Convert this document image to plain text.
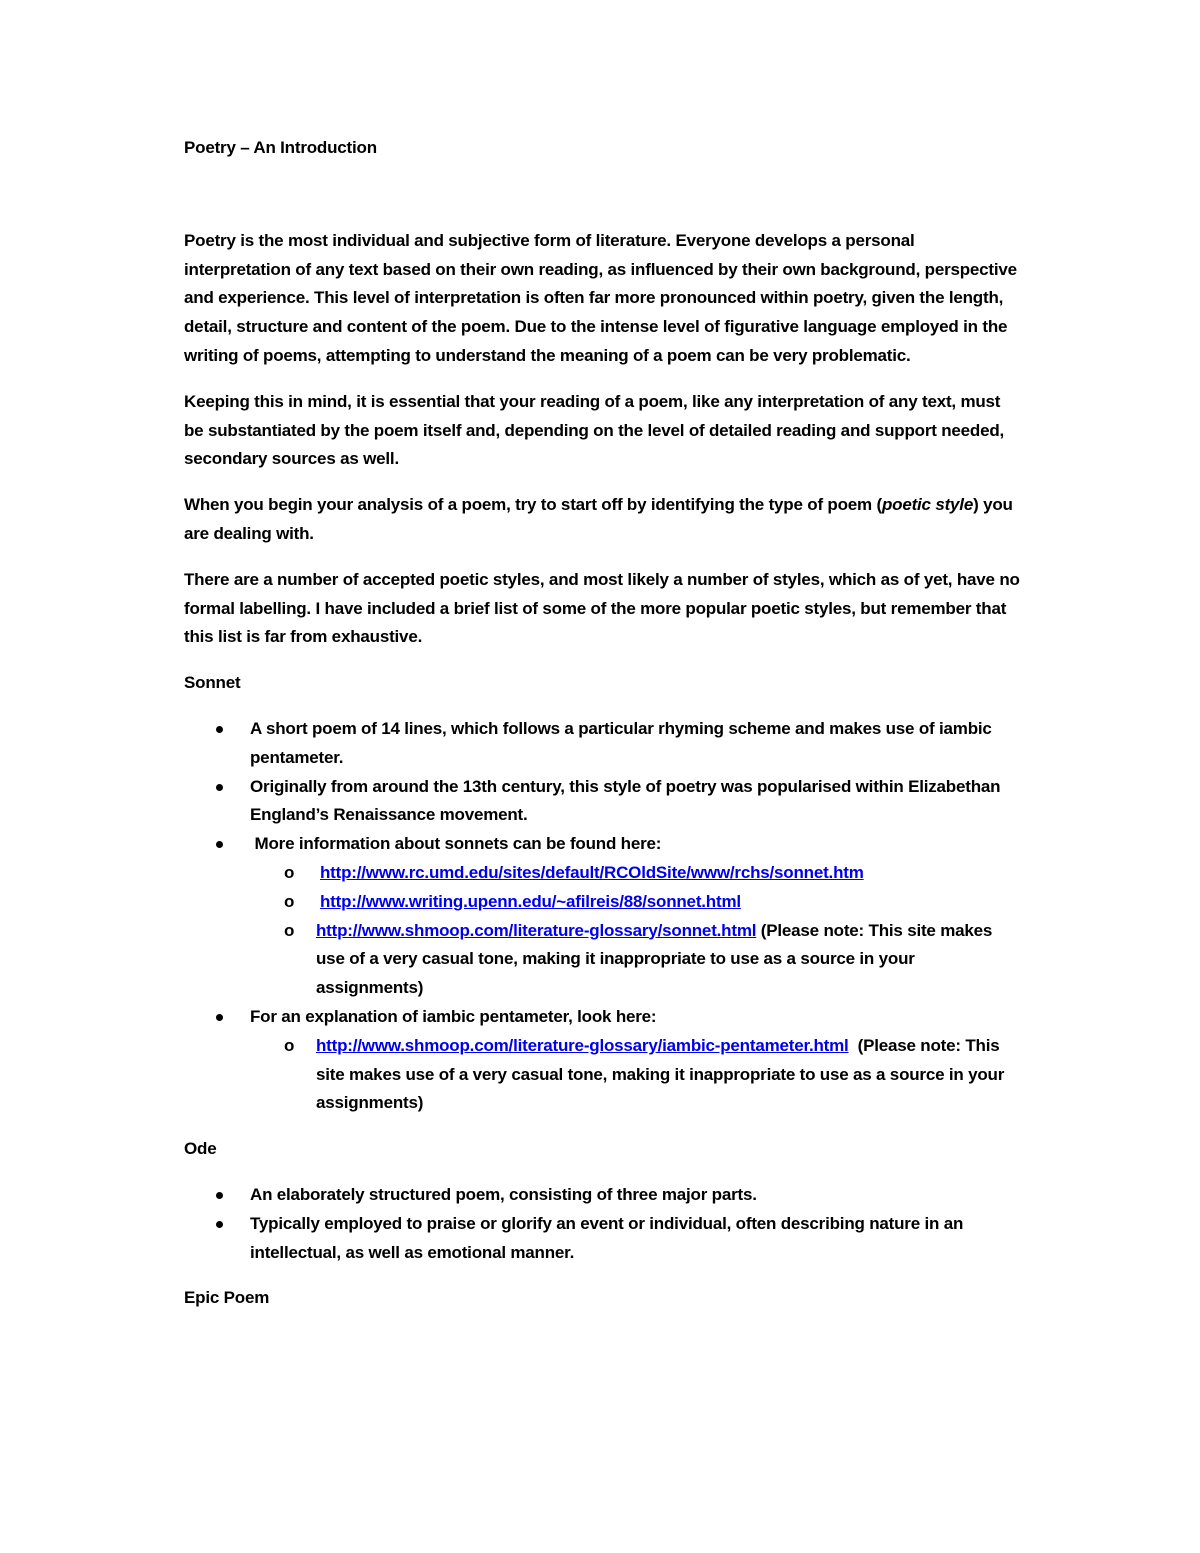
Poetry – An Introduction

Poetry is the most individual and subjective form of literature. Everyone develops a personal interpretation of any text based on their own reading, as influenced by their own background, perspective and experience. This level of interpretation is often far more pronounced within poetry, given the length, detail, structure and content of the poem. Due to the intense level of figurative language employed in the writing of poems, attempting to understand the meaning of a poem can be very problematic.

Keeping this in mind, it is essential that your reading of a poem, like any interpretation of any text, must be substantiated by the poem itself and, depending on the level of detailed reading and support needed, secondary sources as well.

When you begin your analysis of a poem, try to start off by identifying the type of poem (poetic style) you are dealing with.

There are a number of accepted poetic styles, and most likely a number of styles, which as of yet, have no formal labelling. I have included a brief list of some of the more popular poetic styles, but remember that this list is far from exhaustive.

Sonnet
A short poem of 14 lines, which follows a particular rhyming scheme and makes use of iambic pentameter.
Originally from around the 13th century, this style of poetry was popularised within Elizabethan England’s Renaissance movement.
More information about sonnets can be found here:
o http://www.rc.umd.edu/sites/default/RCOldSite/www/rchs/sonnet.htm
o http://www.writing.upenn.edu/~afilreis/88/sonnet.html
o http://www.shmoop.com/literature-glossary/sonnet.html (Please note: This site makes use of a very casual tone, making it inappropriate to use as a source in your assignments)
For an explanation of iambic pentameter, look here:
o http://www.shmoop.com/literature-glossary/iambic-pentameter.html  (Please note: This site makes use of a very casual tone, making it inappropriate to use as a source in your assignments)
Ode
An elaborately structured poem, consisting of three major parts.
Typically employed to praise or glorify an event or individual, often describing nature in an intellectual, as well as emotional manner.
Epic Poem
